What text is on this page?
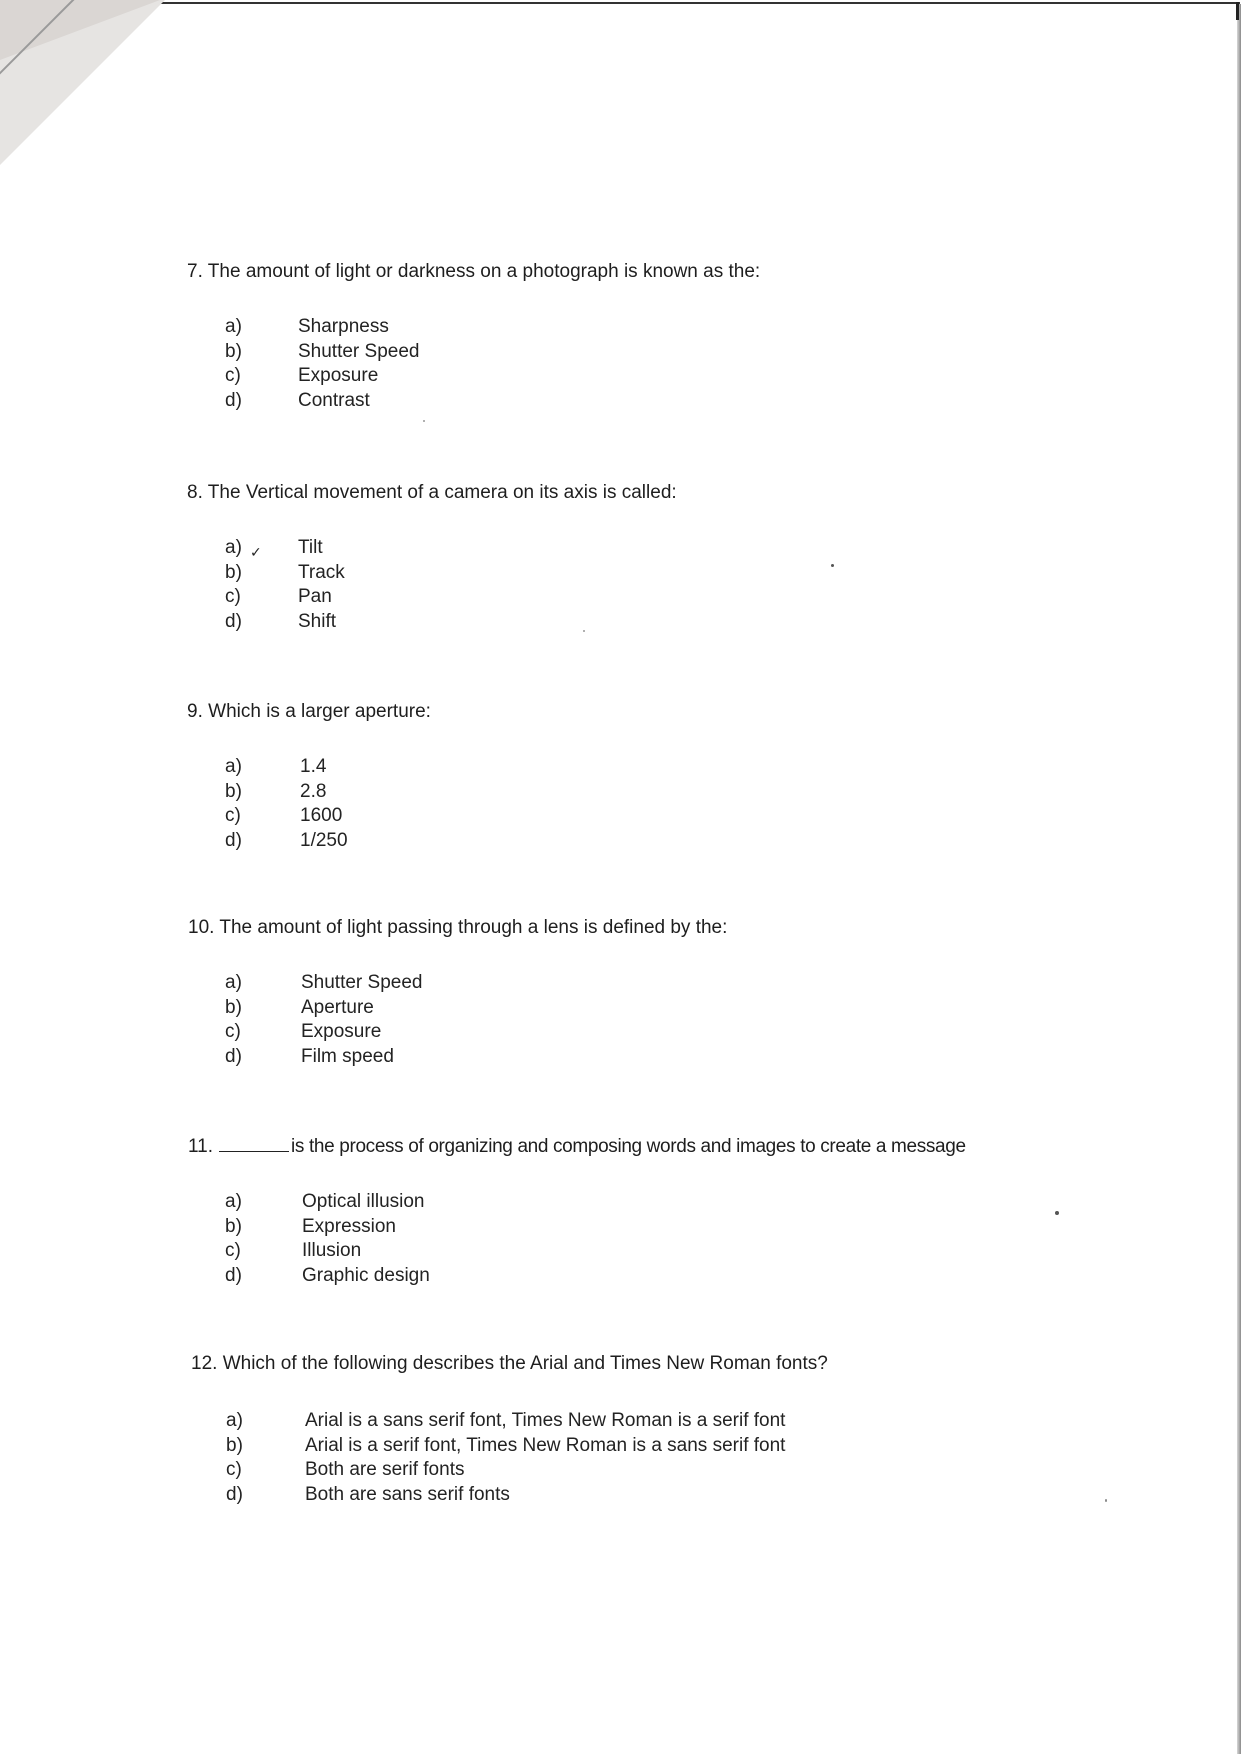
7. The amount of light or darkness on a photograph is known as the:
a)	Sharpness
b)	Shutter Speed
c)	Exposure
d)	Contrast
8. The Vertical movement of a camera on its axis is called:
a) ✓ Tilt
b)	Track
c)	Pan
d)	Shift
9. Which is a larger aperture:
a)	1.4
b)	2.8
c)	1600
d)	1/250
10. The amount of light passing through a lens is defined by the:
a)	Shutter Speed
b)	Aperture
c)	Exposure
d)	Film speed
11.	is the process of organizing and composing words and images to create a message
a)	Optical illusion
b)	Expression
c)	Illusion
d)	Graphic design
12. Which of the following describes the Arial and Times New Roman fonts?
a)	Arial is a sans serif font, Times New Roman is a serif font
b)	Arial is a serif font, Times New Roman is a sans serif font
c)	Both are serif fonts
d)	Both are sans serif fonts
